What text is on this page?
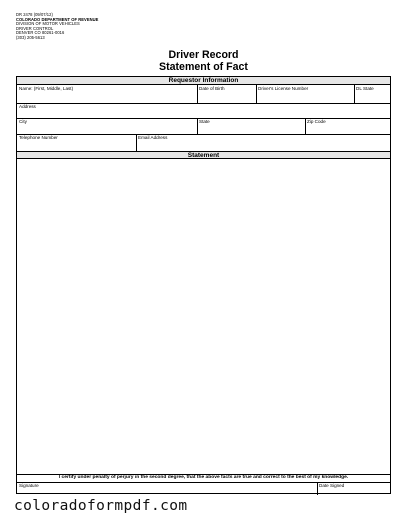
DR 2478 (09/07/12)
COLORADO DEPARTMENT OF REVENUE
DIVISION OF MOTOR VEHICLES
DRIVER CONTROL
DENVER CO 80261-0016
(303) 205-5613
Driver Record
Statement of Fact
Requestor Information
Name: (First, Middle, Last)	Date of Birth	Driver's License Number	DL State
Address
City	State	Zip Code
Telephone Number	Email Address
Statement
I certify under penalty of perjury in the second degree, that the above facts are true and correct to the best of my knowledge.
Signature	Date Signed
coloradoformpdf.com
